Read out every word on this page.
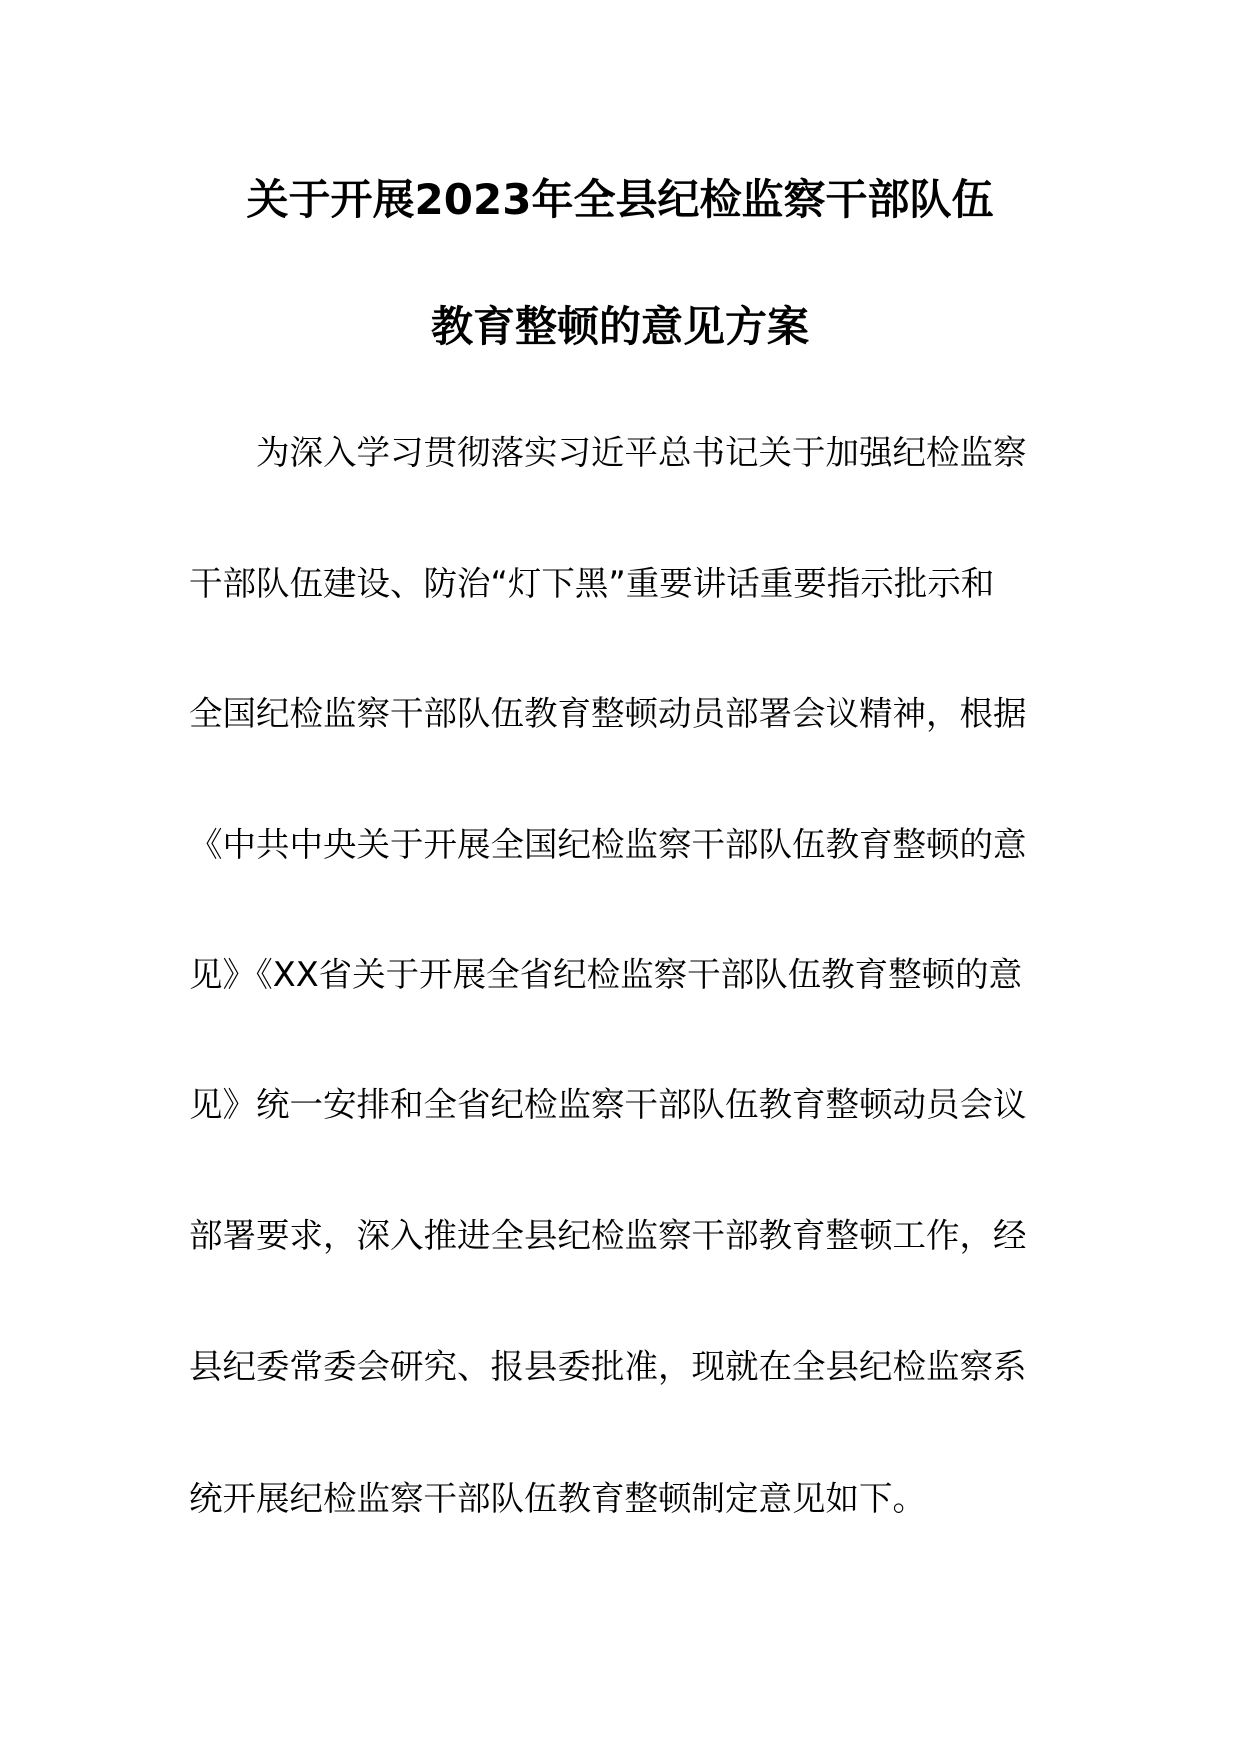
关于开展2023年全县纪检监察干部队伍
教育整顿的意见方案
　　为深入学习贯彻落实习近平总书记关于加强纪检监察
干部队伍建设、防治“灯下黑”重要讲话重要指示批示和
全国纪检监察干部队伍教育整顿动员部署会议精神，根据
《中共中央关于开展全国纪检监察干部队伍教育整顿的意
见》《XX省关于开展全省纪检监察干部队伍教育整顿的意
见》统一安排和全省纪检监察干部队伍教育整顿动员会议
部署要求，深入推进全县纪检监察干部教育整顿工作，经
县纪委常委会研究、报县委批准，现就在全县纪检监察系
统开展纪检监察干部队伍教育整顿制定意见如下。
